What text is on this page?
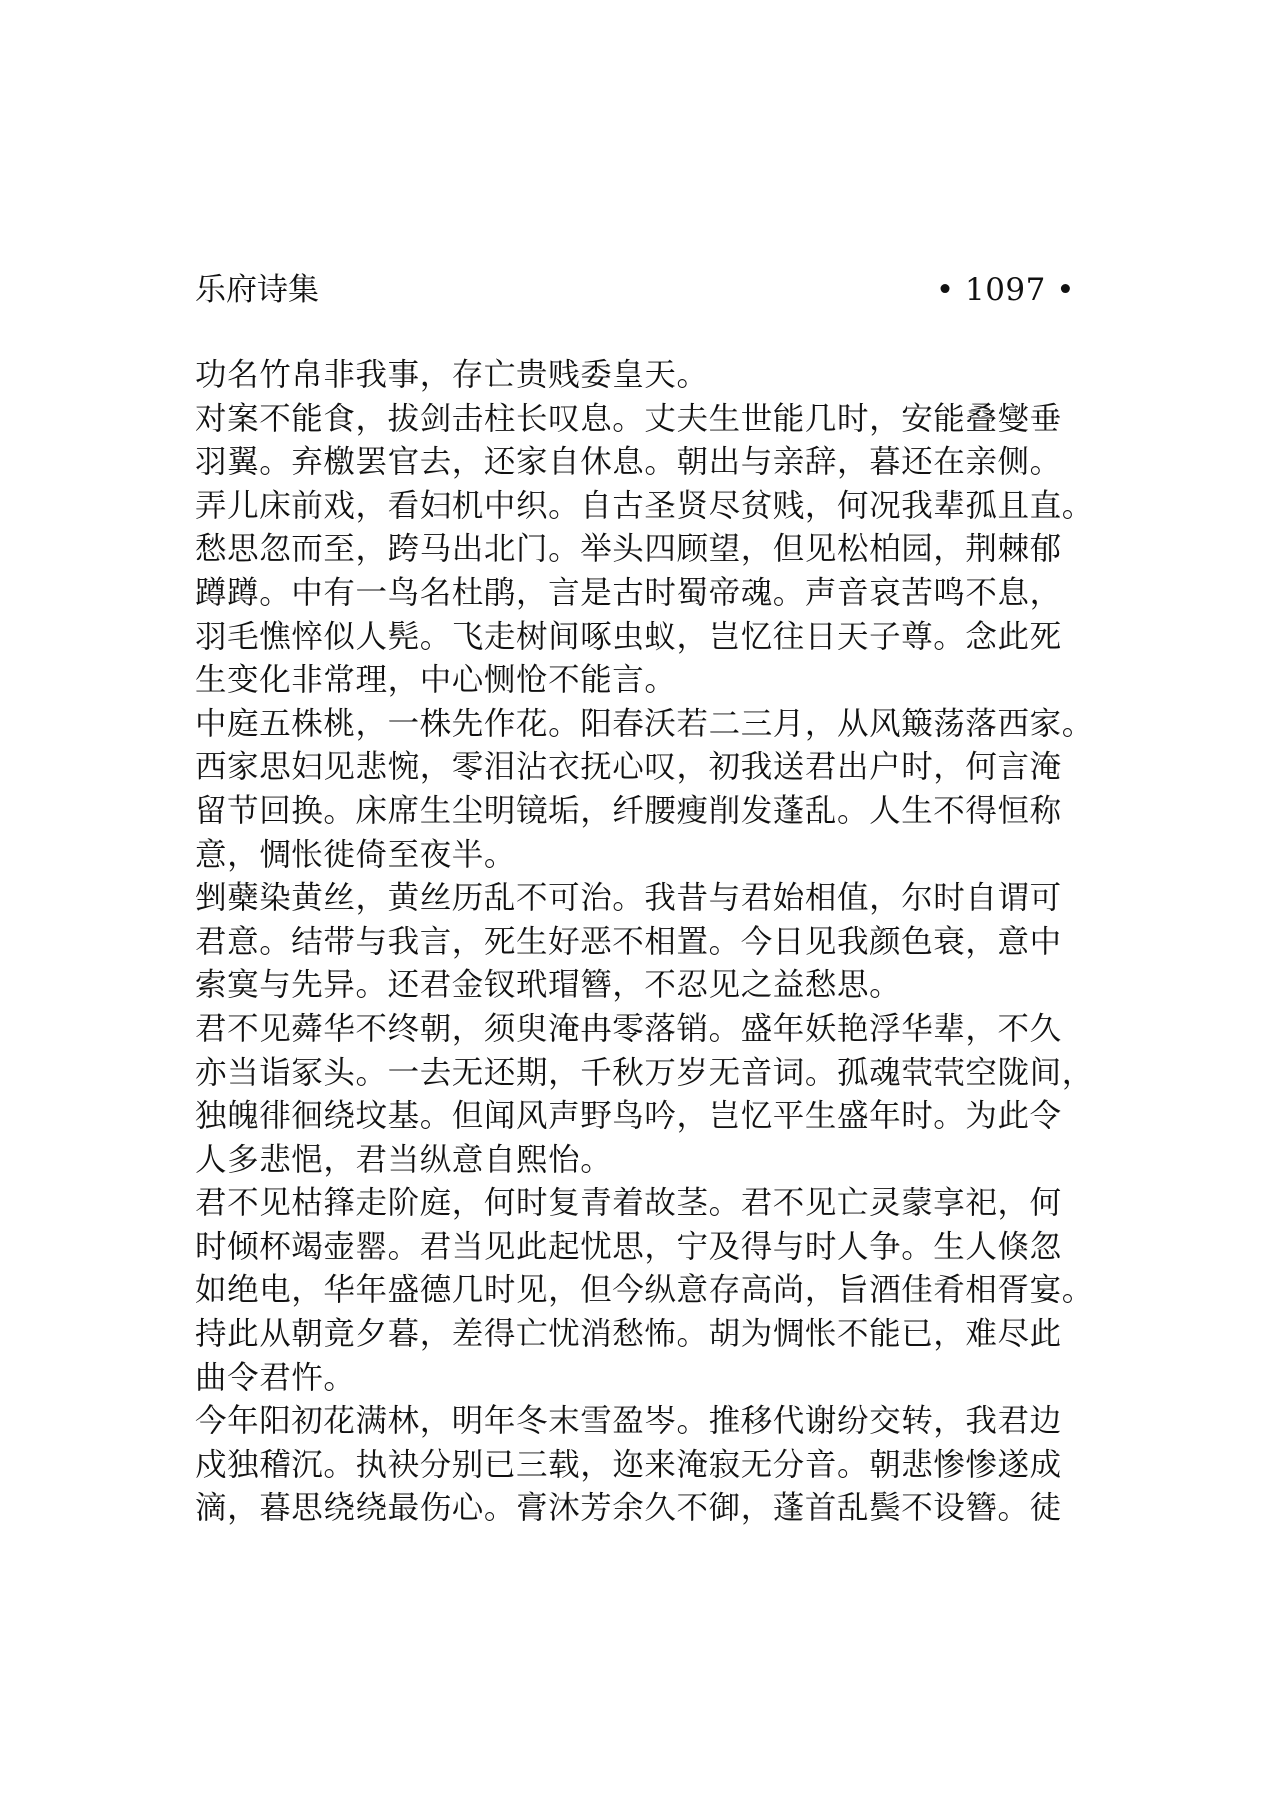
乐府诗集	• 1097 •
功名竹帛非我事，存亡贵贱委皇天。
对案不能食，拔剑击柱长叹息。丈夫生世能几时，安能叠燮垂
羽翼。弃檄罢官去，还家自休息。朝出与亲辞，暮还在亲侧。
弄儿床前戏，看妇机中织。自古圣贤尽贫贱，何况我辈孤且直。
愁思忽而至，跨马出北门。举头四顾望，但见松柏园，荆棘郁
蹲蹲。中有一鸟名杜鹃，言是古时蜀帝魂。声音哀苦鸣不息，
羽毛憔悴似人髡。飞走树间啄虫蚁，岂忆往日天子尊。念此死
生变化非常理，中心恻怆不能言。
中庭五株桃，一株先作花。阳春沃若二三月，从风簸荡落西家。
西家思妇见悲惋，零泪沾衣抚心叹，初我送君出户时，何言淹
留节回换。床席生尘明镜垢，纤腰瘦削发蓬乱。人生不得恒称
意，惆怅徙倚至夜半。
剉蘗染黄丝，黄丝历乱不可治。我昔与君始相值，尔时自谓可
君意。结带与我言，死生好恶不相置。今日见我颜色衰，意中
索寞与先异。还君金钗玳瑁簪，不忍见之益愁思。
君不见蕣华不终朝，须臾淹冉零落销。盛年妖艳浮华辈，不久
亦当诣冢头。一去无还期，千秋万岁无音词。孤魂茕茕空陇间，
独魄徘徊绕坟基。但闻风声野鸟吟，岂忆平生盛年时。为此令
人多悲悒，君当纵意自熙怡。
君不见枯箨走阶庭，何时复青着故茎。君不见亡灵蒙享祀，何
时倾杯竭壶罂。君当见此起忧思，宁及得与时人争。生人倏忽
如绝电，华年盛德几时见，但今纵意存高尚，旨酒佳肴相胥宴。
持此从朝竟夕暮，差得亡忧消愁怖。胡为惆怅不能已，难尽此
曲令君忤。
今年阳初花满林，明年冬末雪盈岑。推移代谢纷交转，我君边
戍独稽沉。执袂分别已三载，迩来淹寂无分音。朝悲惨惨遂成
滴，暮思绕绕最伤心。膏沐芳余久不御，蓬首乱鬓不设簪。徒
